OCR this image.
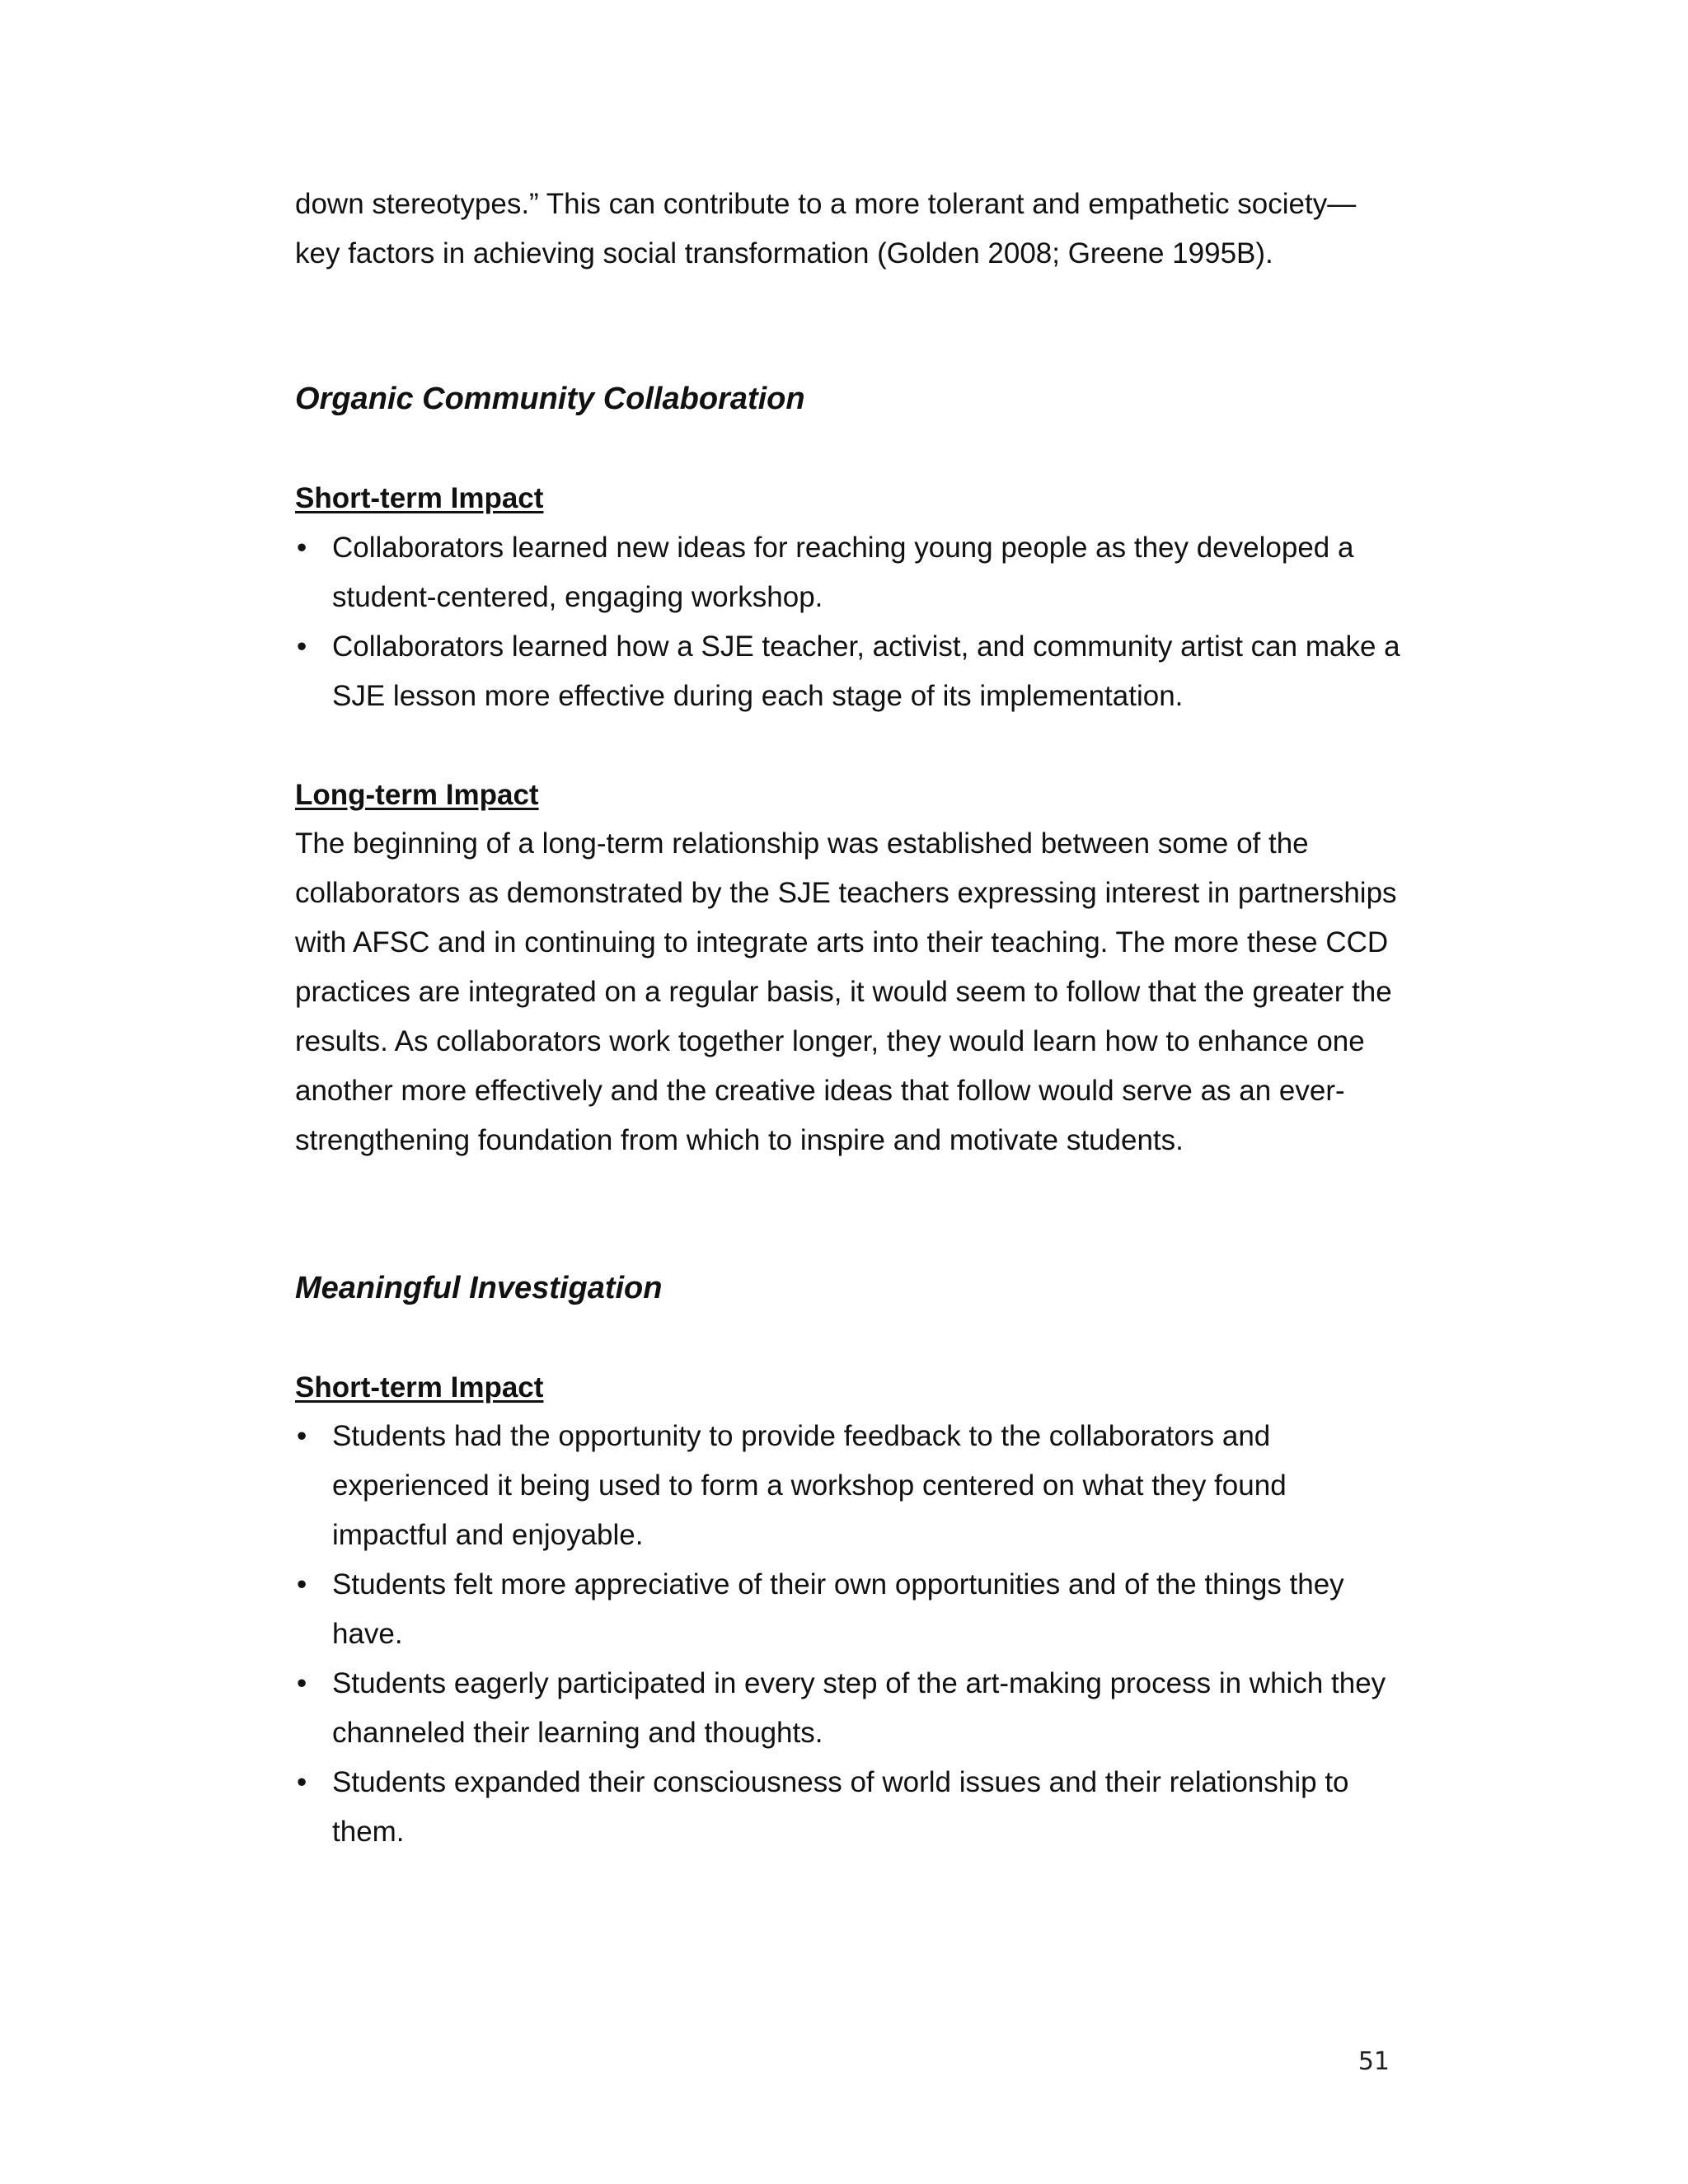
down stereotypes.” This can contribute to a more tolerant and empathetic society—

key factors in achieving social transformation (Golden 2008; Greene 1995B).

Organic Community Collaboration
Short-term Impact
• Collaborators learned new ideas for reaching young people as they developed a
student-centered, engaging workshop.
• Collaborators learned how a SJE teacher, activist, and community artist can make a
SJE lesson more effective during each stage of its implementation.
Long-term Impact

The beginning of a long-term relationship was established between some of the

collaborators as demonstrated by the SJE teachers expressing interest in partnerships

with AFSC and in continuing to integrate arts into their teaching. The more these CCD

practices are integrated on a regular basis, it would seem to follow that the greater the

results. As collaborators work together longer, they would learn how to enhance one

another more effectively and the creative ideas that follow would serve as an ever-

strengthening foundation from which to inspire and motivate students.

Meaningful Investigation
Short-term Impact
• Students had the opportunity to provide feedback to the collaborators and
experienced it being used to form a workshop centered on what they found
impactful and enjoyable.
• Students felt more appreciative of their own opportunities and of the things they
have.
• Students eagerly participated in every step of the art-making process in which they
channeled their learning and thoughts.
• Students expanded their consciousness of world issues and their relationship to
them.
51
